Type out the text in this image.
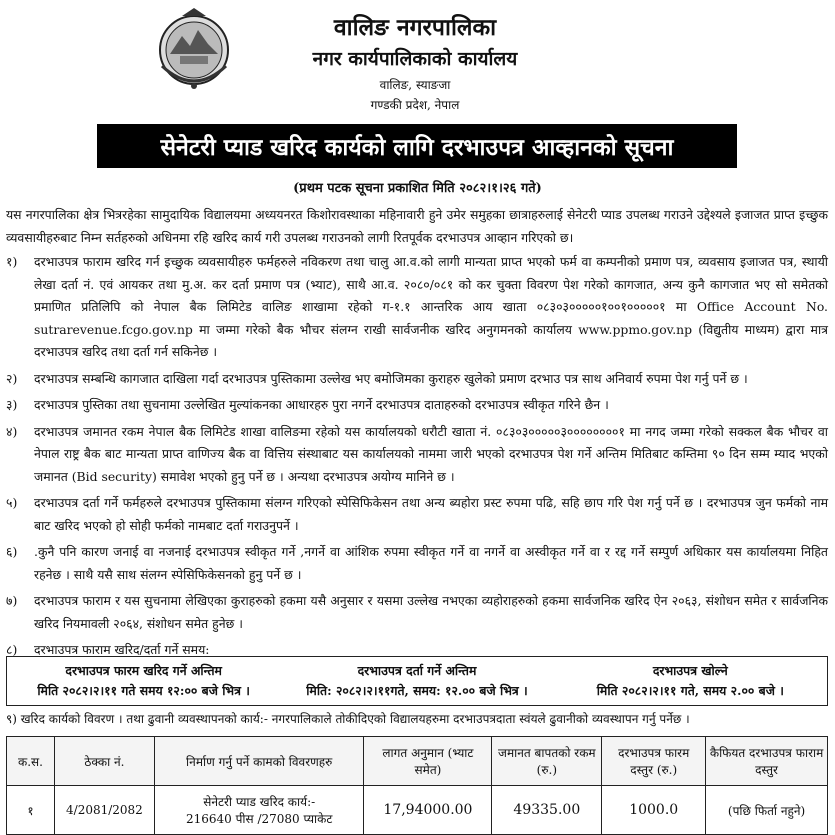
वालिङ नगरपालिका
नगर कार्यपालिकाको कार्यालय
वालिङ, स्याङजा
गण्डकी प्रदेश, नेपाल
सेनेटरी प्याड खरिद कार्यको लागि दरभाउपत्र आव्हानको सूचना
(प्रथम पटक सूचना प्रकाशित मिति २०८२।१।२६ गते)

यस नगरपालिका क्षेत्र भित्ररहेका सामुदायिक विद्यालयमा अध्ययनरत किशोरावस्थाका महिनावारी हुने उमेर समुहका छात्राहरुलाई सेनेटरी प्याड उपलब्ध गराउने उद्देश्यले इजाजत प्राप्त इच्छुक व्यवसायीहरुबाट निम्न सर्तहरुको अधिनमा रहि खरिद कार्य गरी उपलब्ध गराउनको लागी रितपूर्वक दरभाउपत्र आव्हान गरिएको छ।

१)	दरभाउपत्र फाराम खरिद गर्न इच्छुक व्यवसायीहरु फर्महरुले नविकरण तथा चालु आ.व.को लागी मान्यता प्राप्त भएको फर्म वा कम्पनीको प्रमाण पत्र, व्यवसाय इजाजत पत्र, स्थायी लेखा दर्ता नं. एवं आयकर तथा मु.अ. कर दर्ता प्रमाण पत्र (भ्याट), साथै आ.व. २०८०/०८१ को कर चुक्ता विवरण पेश गरेको कागजात, अन्य कुनै कागजात भए सो समेतको प्रमाणित प्रतिलिपि को नेपाल बैक लिमिटेड वालिङ शाखामा रहेको ग-१.१ आन्तरिक आय खाता ०८३०३०००००१००१०००००१ मा Office Account No. sutrarevenue.fcgo.gov.np मा जम्मा गरेको बैक भौचर संलग्न राखी सार्वजनीक खरिद अनुगमनको कार्यालय www.ppmo.gov.np (विद्युतीय माध्यम) द्वारा मात्र दरभाउपत्र खरिद तथा दर्ता गर्न सकिनेछ ।
२)	दरभाउपत्र सम्बन्धि कागजात दाखिला गर्दा दरभाउपत्र पुस्तिकामा उल्लेख भए बमोजिमका कुराहरु खुलेको प्रमाण दरभाउ पत्र साथ अनिवार्य रुपमा पेश गर्नु पर्ने छ ।
३)	दरभाउपत्र पुस्तिका तथा सुचनामा उल्लेखित मुल्यांकनका आधारहरु पुरा नगर्ने दरभाउपत्र दाताहरुको दरभाउपत्र स्वीकृत गरिने छैन ।
४)	दरभाउपत्र जमानत रकम नेपाल बैक लिमिटेड शाखा वालिङमा रहेको यस कार्यालयको धरौटी खाता नं. ०८३०३०००००३००००००००१ मा नगद जम्मा गरेको सक्कल बैक भौचर वा नेपाल राष्ट्र बैक बाट मान्यता प्राप्त वाणिज्य बैक वा वित्तिय संस्थाबाट यस कार्यालयको नाममा जारी भएको दरभाउपत्र पेश गर्ने अन्तिम मितिबाट कम्तिमा ९० दिन सम्म म्याद भएको जमानत (Bid security) समावेश भएको हुनु पर्ने छ । अन्यथा दरभाउपत्र अयोग्य मानिने छ ।
५)	दरभाउपत्र दर्ता गर्ने फर्महरुले दरभाउपत्र पुस्तिकामा संलग्न गरिएको स्पेसिफिकेसन तथा अन्य ब्यहोरा प्रस्ट रुपमा पढि, सहि छाप गरि पेश गर्नु पर्ने छ । दरभाउपत्र जुन फर्मको नाम बाट खरिद भएको हो सोही फर्मको नामबाट दर्ता गराउनुपर्ने ।
६)	.कुनै पनि कारण जनाई वा नजनाई दरभाउपत्र स्वीकृत गर्ने ,नगर्ने वा आंशिक रुपमा स्वीकृत गर्ने वा नगर्ने वा अस्वीकृत गर्ने वा र रद्द गर्ने सम्पुर्ण अधिकार यस कार्यालयमा निहित रहनेछ । साथै यसै साथ संलग्न स्पेसिफिकेसनको हुनु पर्ने छ ।
७)	दरभाउपत्र फाराम र यस सुचनामा लेखिएका कुराहरुको हकमा यसै अनुसार र यसमा उल्लेख नभएका व्यहोराहरुको हकमा सार्वजनिक खरिद ऐन २०६३, संशोधन समेत र सार्वजनिक खरिद नियमावली २०६४, संशोधन समेत हुनेछ ।
८)	दरभाउपत्र फाराम खरिद/दर्ता गर्ने समय:
दरभाउपत्र फारम खरिद गर्ने अन्तिम
मिति २०८२।२।११ गते समय १२:०० बजे भित्र ।
दरभाउपत्र दर्ता गर्ने अन्तिम
मिति: २०८२।२।११गते, समय: १२.०० बजे भित्र ।
दरभाउपत्र खोल्ने
मिति २०८२।२।११ गते, समय २.०० बजे ।
९) खरिद कार्यको विवरण । तथा ढुवानी व्यवस्थापनको कार्य:- नगरपालिकाले तोकीदिएको विद्यालयहरुमा दरभाउपत्रदाता स्वंयले ढुवानीको व्यवस्थापन गर्नु पर्नेछ ।
क.स.	ठेक्का नं.	निर्माण गर्नु पर्ने कामको विवरणहरु	लागत अनुमान (भ्याट समेत)	जमानत बापतको रकम (रु.)	दरभाउपत्र फारम दस्तुर (रु.)	कैफियत दरभाउपत्र फाराम दस्तुर
१	4/2081/2082	सेनेटरी प्याड खरिद कार्य:-
216640 पीस /27080 प्याकेट	17,94000.00	49335.00	1000.0	(पछि फिर्ता नहुने)
